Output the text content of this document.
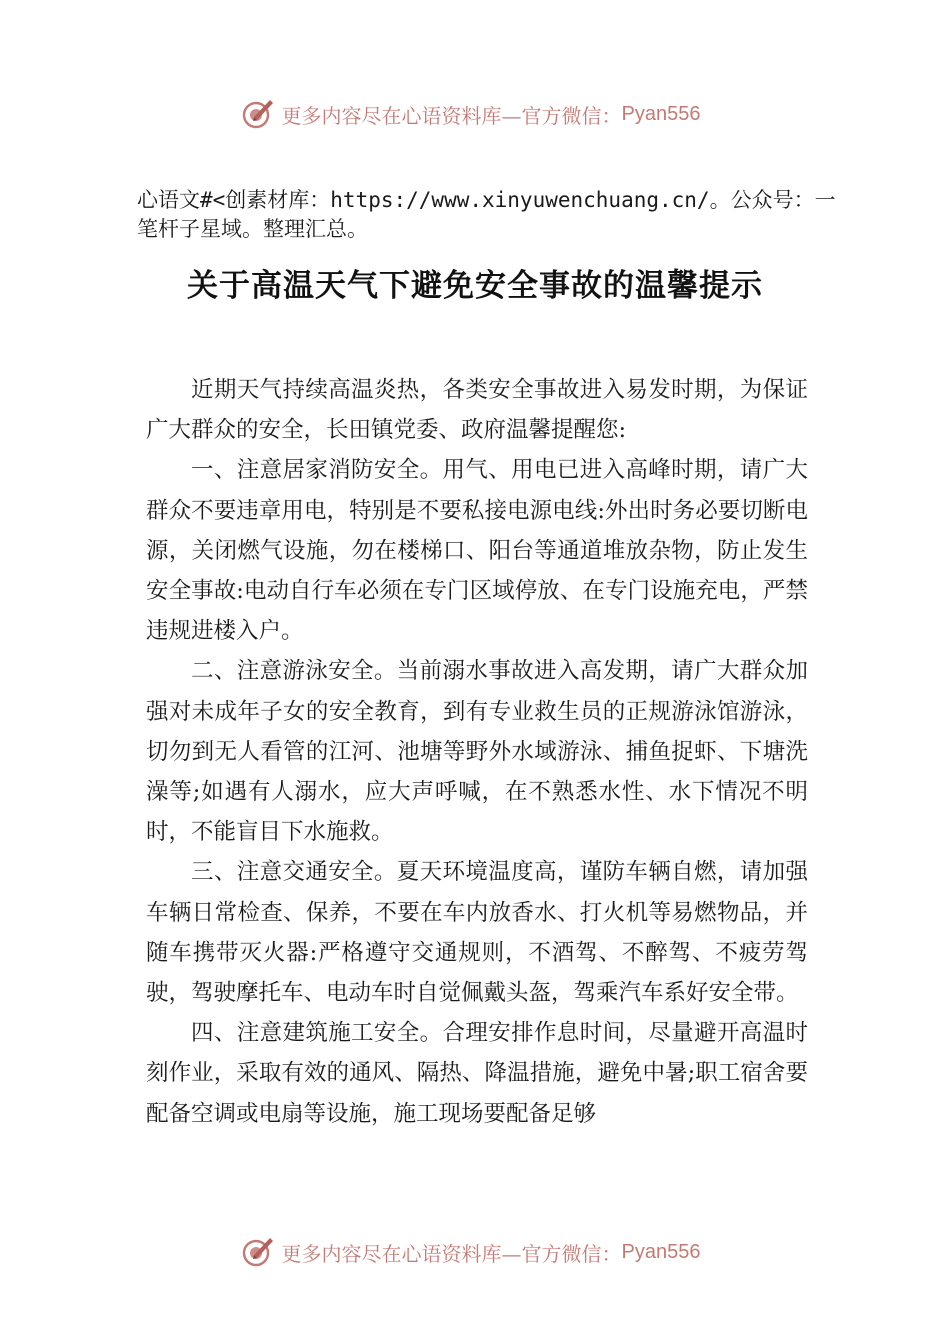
更多内容尽在心语资料库—官方微信： Pyan556
心语文#<创素材库：https://www.xinyuwenchuang.cn/。公众号：一笔杆子星域。整理汇总。
关于高温天气下避免安全事故的温馨提示

近期天气持续高温炎热，各类安全事故进入易发时期，为保证广大群众的安全，长田镇党委、政府温馨提醒您:

一、注意居家消防安全。用气、用电已进入高峰时期，请广大群众不要违章用电，特别是不要私接电源电线:外出时务必要切断电源，关闭燃气设施，勿在楼梯口、阳台等通道堆放杂物，防止发生安全事故:电动自行车必须在专门区域停放、在专门设施充电，严禁违规进楼入户。

二、注意游泳安全。当前溺水事故进入高发期，请广大群众加强对未成年子女的安全教育，到有专业救生员的正规游泳馆游泳，切勿到无人看管的江河、池塘等野外水域游泳、捕鱼捉虾、下塘洗澡等;如遇有人溺水，应大声呼喊，在不熟悉水性、水下情况不明时，不能盲目下水施救。

三、注意交通安全。夏天环境温度高，谨防车辆自燃，请加强车辆日常检查、保养，不要在车内放香水、打火机等易燃物品，并随车携带灭火器:严格遵守交通规则，不酒驾、不醉驾、不疲劳驾驶，驾驶摩托车、电动车时自觉佩戴头盔，驾乘汽车系好安全带。

四、注意建筑施工安全。合理安排作息时间，尽量避开高温时刻作业，采取有效的通风、隔热、降温措施，避免中暑;职工宿舍要配备空调或电扇等设施，施工现场要配备足够

更多内容尽在心语资料库—官方微信： Pyan556
